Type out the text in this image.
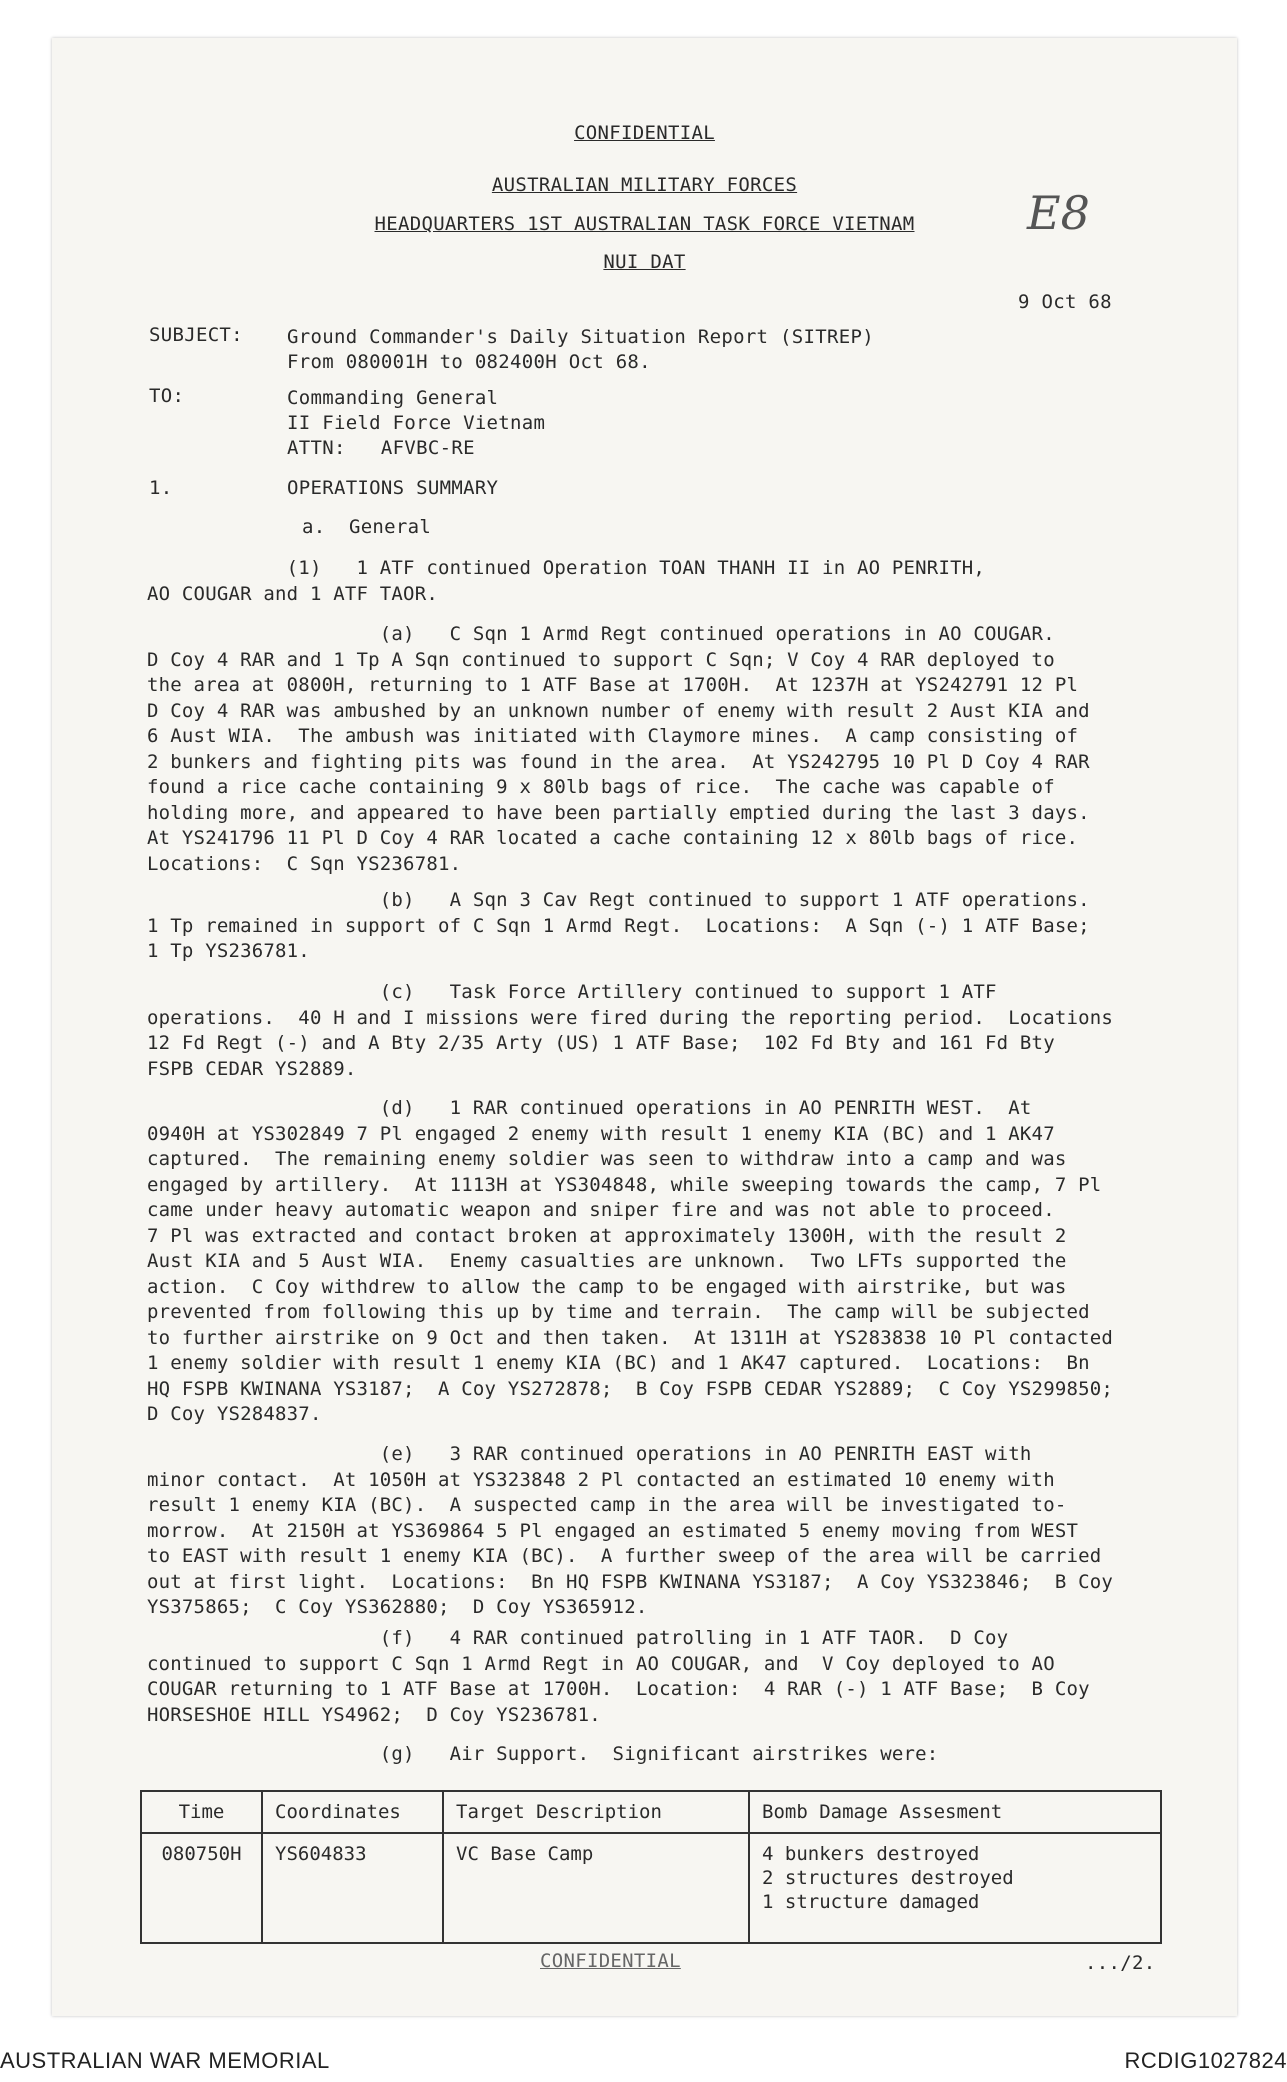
CONFIDENTIAL
AUSTRALIAN MILITARY FORCES
HEADQUARTERS 1ST AUSTRALIAN TASK FORCE VIETNAM
NUI DAT
E8
9 Oct 68
SUBJECT: Ground Commander's Daily Situation Report (SITREP)
From 080001H to 082400H Oct 68.
TO:	Commanding General
II Field Force Vietnam
ATTN:   AFVBC-RE
1.	OPERATIONS SUMMARY
a.  General
(1)   1 ATF continued Operation TOAN THANH II in AO PENRITH,
AO COUGAR and 1 ATF TAOR.
(a)   C Sqn 1 Armd Regt continued operations in AO COUGAR.
D Coy 4 RAR and 1 Tp A Sqn continued to support C Sqn; V Coy 4 RAR deployed to
the area at 0800H, returning to 1 ATF Base at 1700H.  At 1237H at YS242791 12 Pl
D Coy 4 RAR was ambushed by an unknown number of enemy with result 2 Aust KIA and
6 Aust WIA.  The ambush was initiated with Claymore mines.  A camp consisting of
2 bunkers and fighting pits was found in the area.  At YS242795 10 Pl D Coy 4 RAR
found a rice cache containing 9 x 80lb bags of rice.  The cache was capable of
holding more, and appeared to have been partially emptied during the last 3 days.
At YS241796 11 Pl D Coy 4 RAR located a cache containing 12 x 80lb bags of rice.
Locations:  C Sqn YS236781.
(b)   A Sqn 3 Cav Regt continued to support 1 ATF operations.
1 Tp remained in support of C Sqn 1 Armd Regt.  Locations:  A Sqn (-) 1 ATF Base;
1 Tp YS236781.
(c)   Task Force Artillery continued to support 1 ATF
operations.  40 H and I missions were fired during the reporting period.  Locations
12 Fd Regt (-) and A Bty 2/35 Arty (US) 1 ATF Base;  102 Fd Bty and 161 Fd Bty
FSPB CEDAR YS2889.
(d)   1 RAR continued operations in AO PENRITH WEST.  At
0940H at YS302849 7 Pl engaged 2 enemy with result 1 enemy KIA (BC) and 1 AK47
captured.  The remaining enemy soldier was seen to withdraw into a camp and was
engaged by artillery.  At 1113H at YS304848, while sweeping towards the camp, 7 Pl
came under heavy automatic weapon and sniper fire and was not able to proceed.
7 Pl was extracted and contact broken at approximately 1300H, with the result 2
Aust KIA and 5 Aust WIA.  Enemy casualties are unknown.  Two LFTs supported the
action.  C Coy withdrew to allow the camp to be engaged with airstrike, but was
prevented from following this up by time and terrain.  The camp will be subjected
to further airstrike on 9 Oct and then taken.  At 1311H at YS283838 10 Pl contacted
1 enemy soldier with result 1 enemy KIA (BC) and 1 AK47 captured.  Locations:  Bn
HQ FSPB KWINANA YS3187;  A Coy YS272878;  B Coy FSPB CEDAR YS2889;  C Coy YS299850;
D Coy YS284837.
(e)   3 RAR continued operations in AO PENRITH EAST with
minor contact.  At 1050H at YS323848 2 Pl contacted an estimated 10 enemy with
result 1 enemy KIA (BC).  A suspected camp in the area will be investigated to-
morrow.  At 2150H at YS369864 5 Pl engaged an estimated 5 enemy moving from WEST
to EAST with result 1 enemy KIA (BC).  A further sweep of the area will be carried
out at first light.  Locations:  Bn HQ FSPB KWINANA YS3187;  A Coy YS323846;  B Coy
YS375865;  C Coy YS362880;  D Coy YS365912.
(f)   4 RAR continued patrolling in 1 ATF TAOR.  D Coy
continued to support C Sqn 1 Armd Regt in AO COUGAR, and  V Coy deployed to AO
COUGAR returning to 1 ATF Base at 1700H.  Location:  4 RAR (-) 1 ATF Base;  B Coy
HORSESHOE HILL YS4962;  D Coy YS236781.
(g)   Air Support.  Significant airstrikes were:
Time	Coordinates	Target Description	Bomb Damage Assesment
080750H	YS604833	VC Base Camp	4 bunkers destroyed
2 structures destroyed
1 structure damaged
CONFIDENTIAL	.../2.
AUSTRALIAN WAR MEMORIAL	RCDIG1027824
